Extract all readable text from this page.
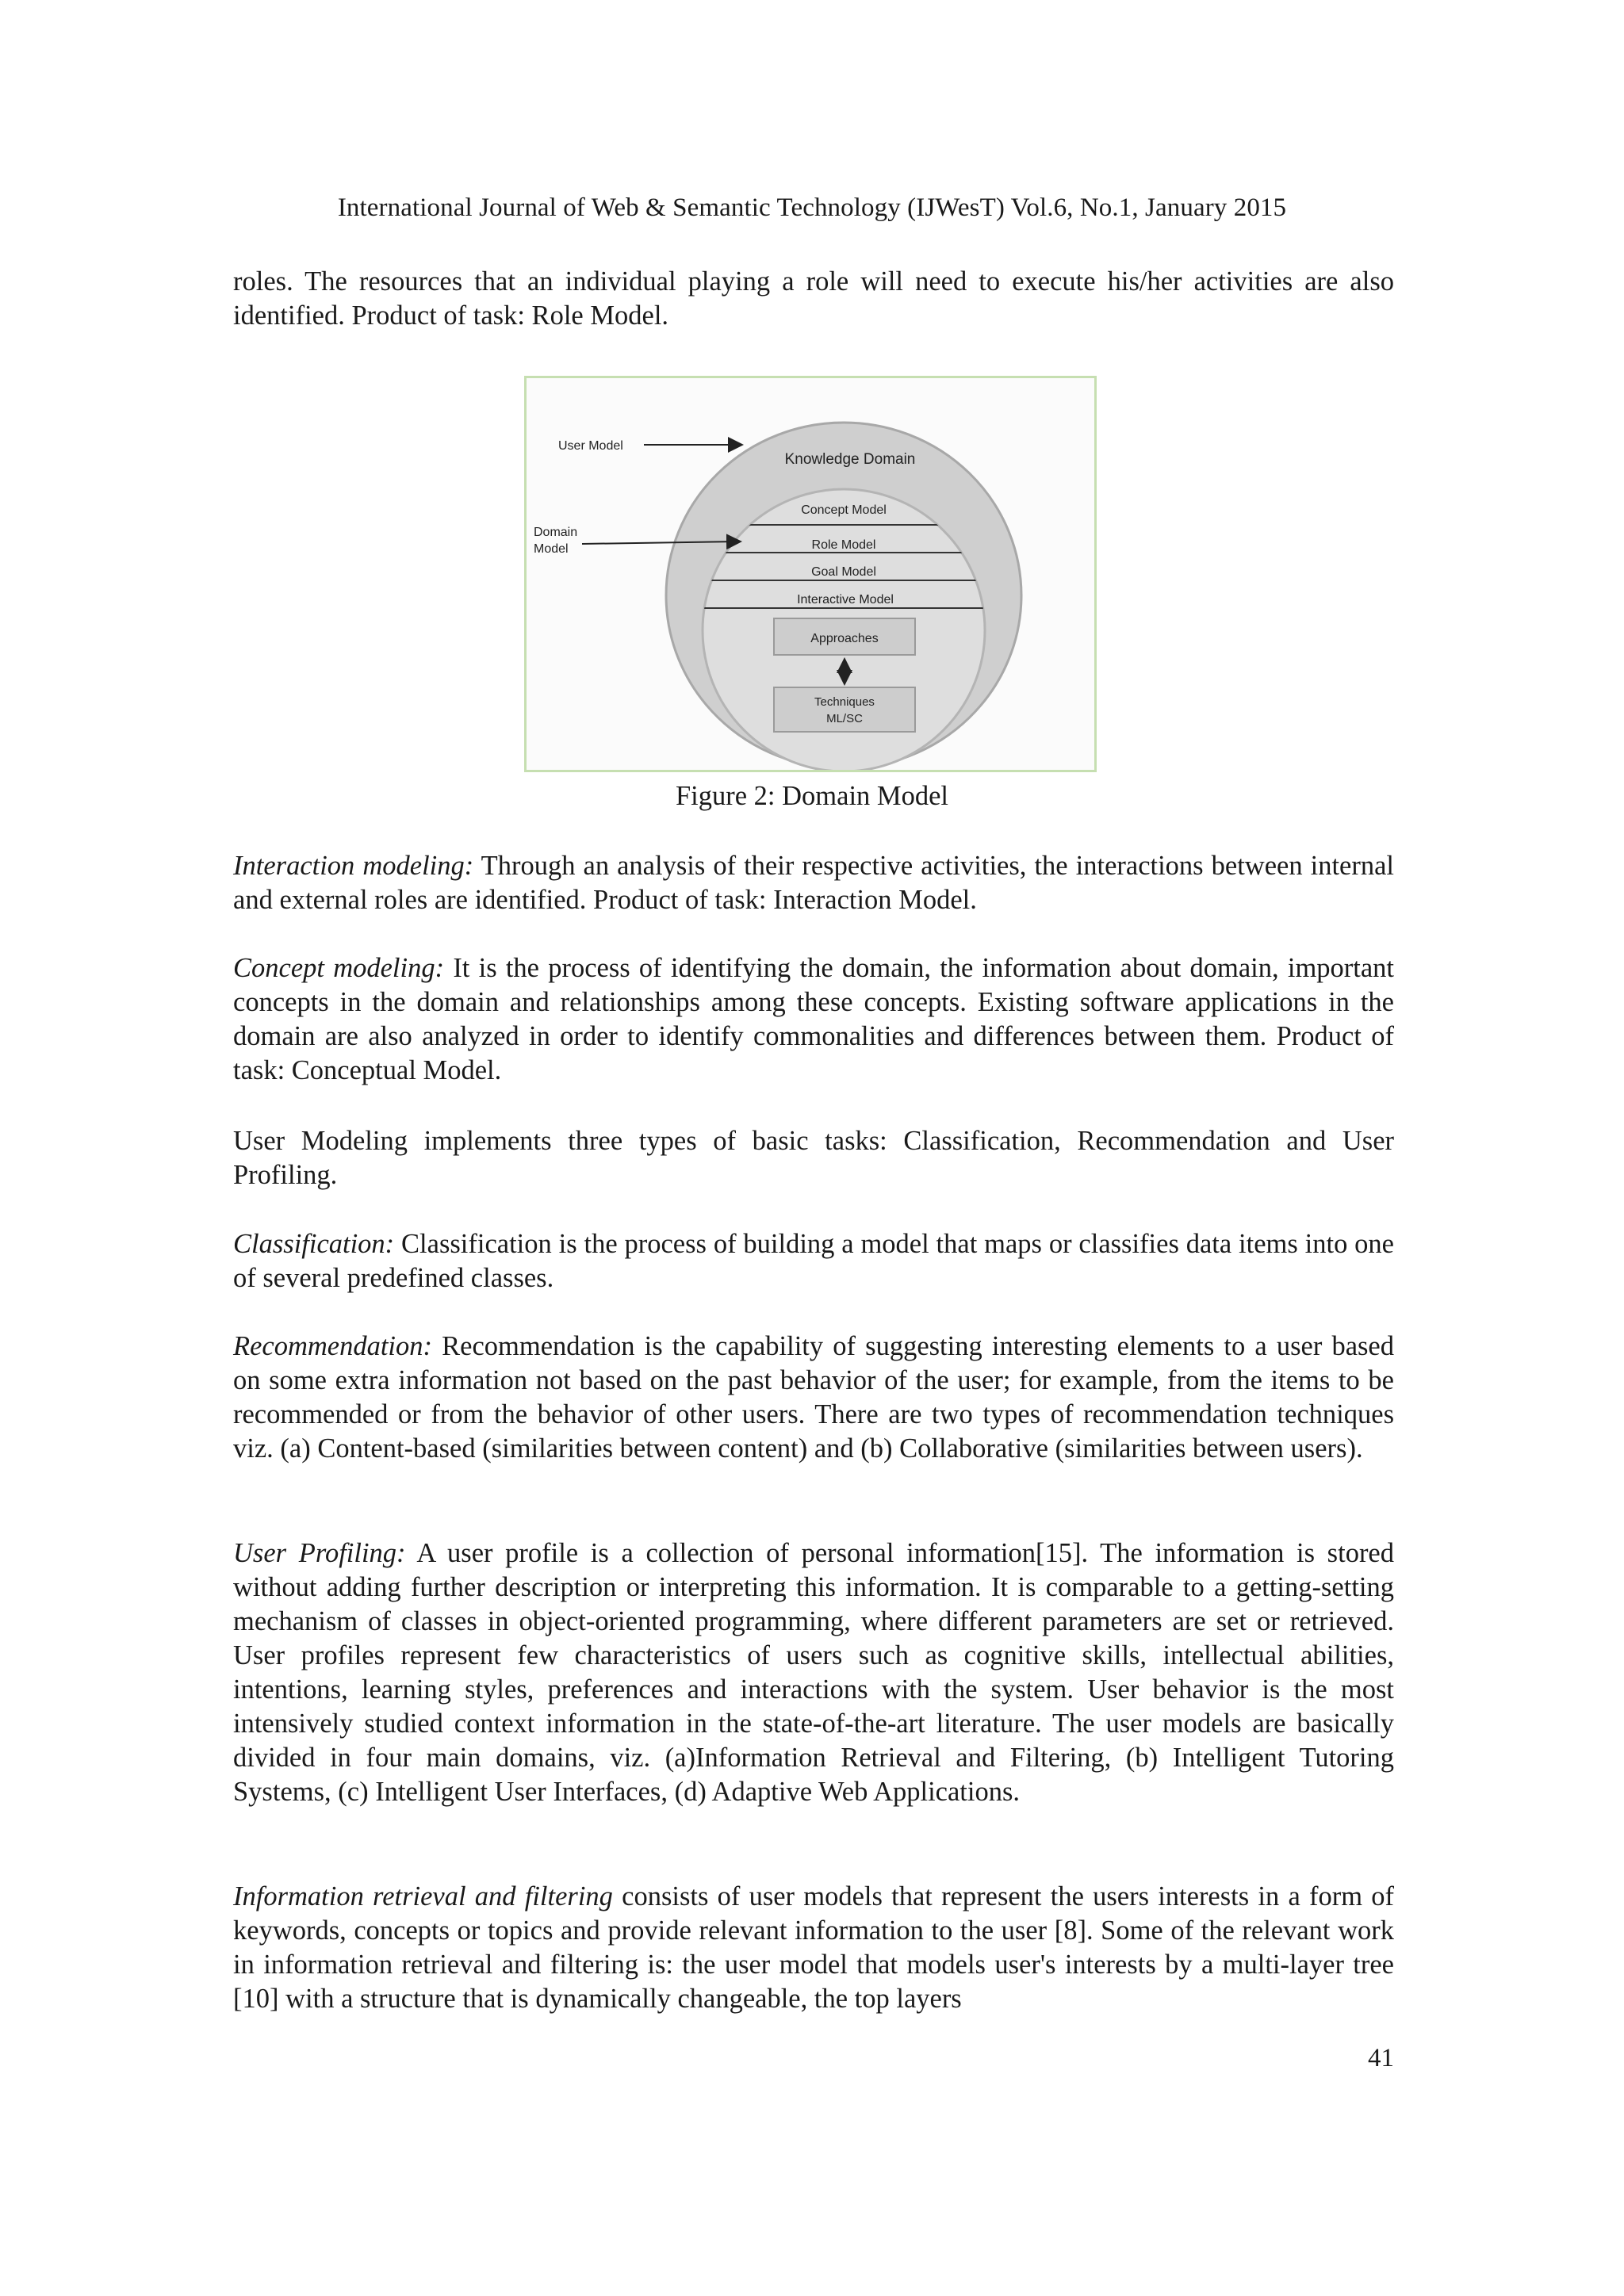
International Journal of Web & Semantic Technology (IJWesT) Vol.6, No.1, January 2015

roles. The resources that an individual playing a role will need to execute his/her activities are also identified. Product of task: Role Model.

Knowledge Domain
Concept Model
Role Model
Goal Model
Interactive Model
Approaches
Techniques
ML/SC
User Model
Domain
Model
Figure 2: Domain Model

Interaction modeling: Through an analysis of their respective activities, the interactions between internal and external roles are identified. Product of task: Interaction Model.

Concept modeling: It is the process of identifying the domain, the information about domain, important concepts in the domain and relationships among these concepts. Existing software applications in the domain are also analyzed in order to identify commonalities and differences between them. Product of task: Conceptual Model.

User Modeling implements three types of basic tasks: Classification, Recommendation and User Profiling.

Classification: Classification is the process of building a model that maps or classifies data items into one of several predefined classes.

Recommendation: Recommendation is the capability of suggesting interesting elements to a user based on some extra information not based on the past behavior of the user; for example, from the items to be recommended or from the behavior of other users. There are two types of recommendation techniques viz. (a) Content-based (similarities between content) and (b) Collaborative (similarities between users).

User Profiling: A user profile is a collection of personal information[15]. The information is stored without adding further description or interpreting this information. It is comparable to a getting-setting mechanism of classes in object-oriented programming, where different parameters are set or retrieved. User profiles represent few characteristics of users such as cognitive skills, intellectual abilities, intentions, learning styles, preferences and interactions with the system. User behavior is the most intensively studied context information in the state-of-the-art literature. The user models are basically divided in four main domains, viz. (a)Information Retrieval and Filtering, (b) Intelligent Tutoring Systems, (c) Intelligent User Interfaces, (d) Adaptive Web Applications.

Information retrieval and filtering consists of user models that represent the users interests in a form of keywords, concepts or topics and provide relevant information to the user [8]. Some of the relevant work in information retrieval and filtering is: the user model that models user's interests by a multi-layer tree [10] with a structure that is dynamically changeable, the top layers

41
